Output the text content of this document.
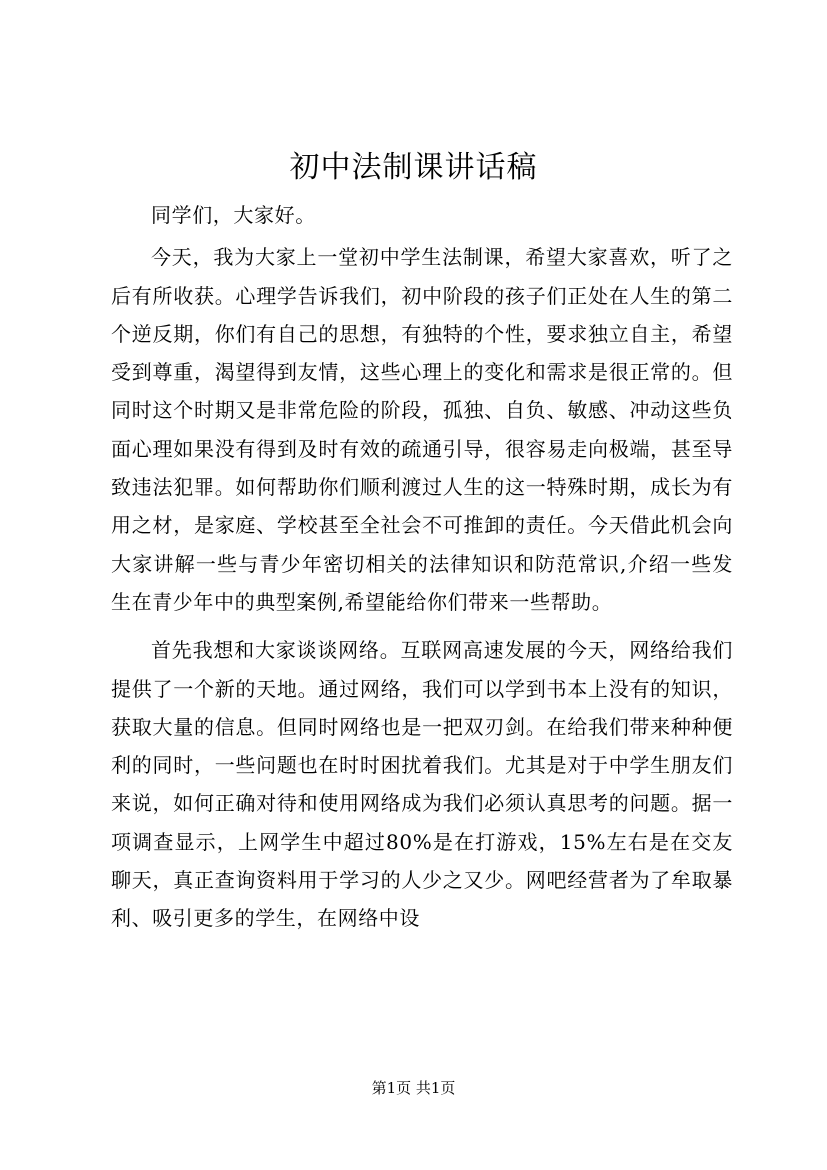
初中法制课讲话稿

同学们，大家好。

今天，我为大家上一堂初中学生法制课，希望大家喜欢，听了之后有所收获。心理学告诉我们，初中阶段的孩子们正处在人生的第二个逆反期，你们有自己的思想，有独特的个性，要求独立自主，希望受到尊重，渴望得到友情，这些心理上的变化和需求是很正常的。但同时这个时期又是非常危险的阶段，孤独、自负、敏感、冲动这些负面心理如果没有得到及时有效的疏通引导，很容易走向极端，甚至导致违法犯罪。如何帮助你们顺利渡过人生的这一特殊时期，成长为有用之材，是家庭、学校甚至全社会不可推卸的责任。今天借此机会向大家讲解一些与青少年密切相关的法律知识和防范常识,介绍一些发生在青少年中的典型案例,希望能给你们带来一些帮助。

首先我想和大家谈谈网络。互联网高速发展的今天，网络给我们提供了一个新的天地。通过网络，我们可以学到书本上没有的知识，获取大量的信息。但同时网络也是一把双刃剑。在给我们带来种种便利的同时，一些问题也在时时困扰着我们。尤其是对于中学生朋友们来说，如何正确对待和使用网络成为我们必须认真思考的问题。据一项调查显示，上网学生中超过80%是在打游戏，15%左右是在交友聊天，真正查询资料用于学习的人少之又少。网吧经营者为了牟取暴利、吸引更多的学生，在网络中设

第1页 共1页
